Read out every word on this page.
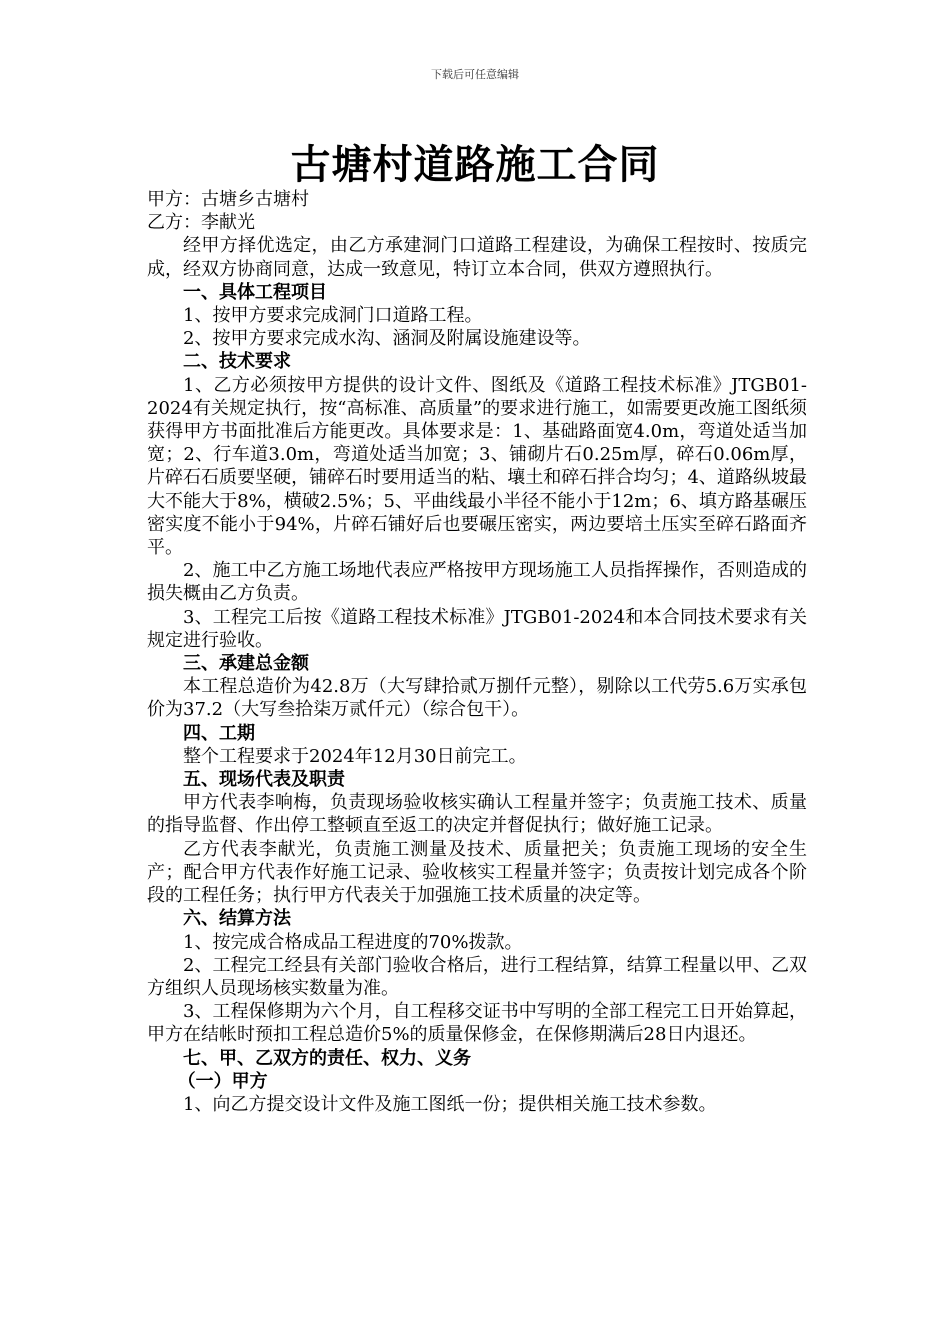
下载后可任意编辑
古塘村道路施工合同

甲方：古塘乡古塘村

乙方：李献光

经甲方择优选定，由乙方承建洞门口道路工程建设，为确保工程按时、按质完成，经双方协商同意，达成一致意见，特订立本合同，供双方遵照执行。

一、具体工程项目

1、按甲方要求完成洞门口道路工程。

2、按甲方要求完成水沟、涵洞及附属设施建设等。

二、技术要求

1、乙方必须按甲方提供的设计文件、图纸及《道路工程技术标准》JTGB01-2024有关规定执行，按“高标准、高质量”的要求进行施工，如需要更改施工图纸须获得甲方书面批准后方能更改。具体要求是：1、基础路面宽4.0m，弯道处适当加宽；2、行车道3.0m，弯道处适当加宽；3、铺砌片石0.25m厚，碎石0.06m厚，片碎石石质要坚硬，铺碎石时要用适当的粘、壤土和碎石拌合均匀；4、道路纵坡最大不能大于8%，横破2.5%；5、平曲线最小半径不能小于12m；6、填方路基碾压密实度不能小于94%，片碎石铺好后也要碾压密实，两边要培土压实至碎石路面齐平。

2、施工中乙方施工场地代表应严格按甲方现场施工人员指挥操作，否则造成的损失概由乙方负责。

3、工程完工后按《道路工程技术标准》JTGB01-2024和本合同技术要求有关规定进行验收。

三、承建总金额

本工程总造价为42.8万（大写肆拾贰万捌仟元整），剔除以工代劳5.6万实承包价为37.2（大写叁拾柒万贰仟元）（综合包干）。

四、工期

整个工程要求于2024年12月30日前完工。

五、现场代表及职责

甲方代表李响梅，负责现场验收核实确认工程量并签字；负责施工技术、质量的指导监督、作出停工整顿直至返工的决定并督促执行；做好施工记录。

乙方代表李献光，负责施工测量及技术、质量把关；负责施工现场的安全生产；配合甲方代表作好施工记录、验收核实工程量并签字；负责按计划完成各个阶段的工程任务；执行甲方代表关于加强施工技术质量的决定等。

六、结算方法

1、按完成合格成品工程进度的70%拨款。

2、工程完工经县有关部门验收合格后，进行工程结算，结算工程量以甲、乙双方组织人员现场核实数量为准。

3、工程保修期为六个月，自工程移交证书中写明的全部工程完工日开始算起，甲方在结帐时预扣工程总造价5%的质量保修金，在保修期满后28日内退还。

七、甲、乙双方的责任、权力、义务

（一）甲方

1、向乙方提交设计文件及施工图纸一份；提供相关施工技术参数。
